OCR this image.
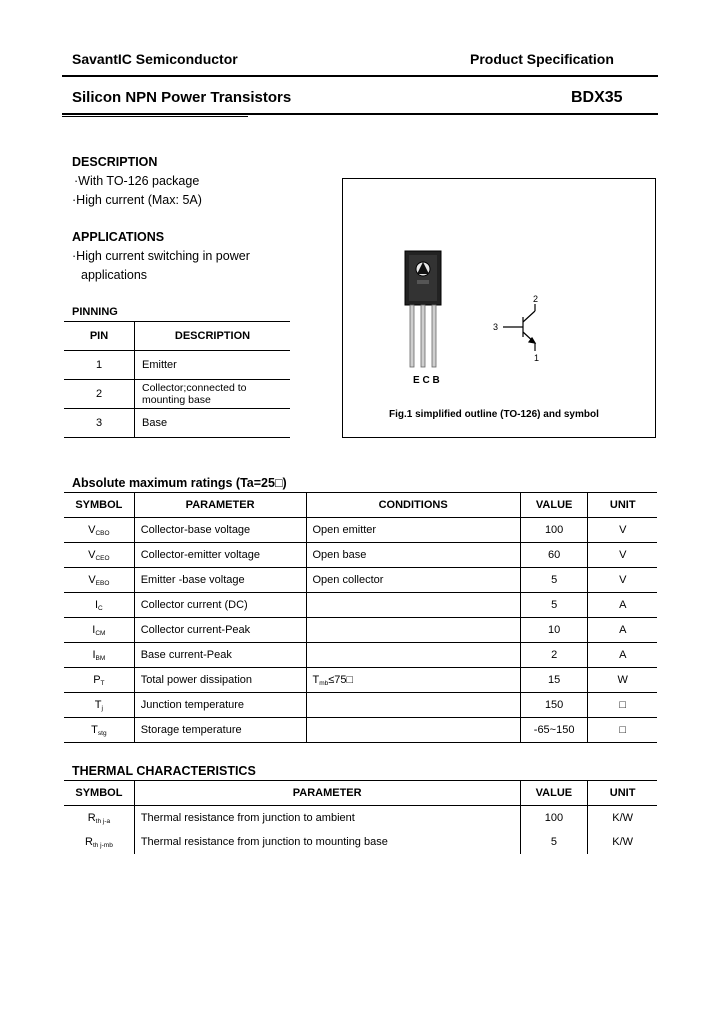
SavantIC Semiconductor	Product Specification
Silicon NPN Power Transistors	BDX35
DESCRIPTION
·With TO-126 package
·High current (Max: 5A)
APPLICATIONS
·High current switching in power
applications
PINNING
PIN	DESCRIPTION
1	Emitter
2	Collector;connected to
mounting base
3	Base
E C B
2
3
1
Fig.1 simplified outline (TO-126) and symbol
Absolute maximum ratings (Ta=25□)
SYMBOL	PARAMETER	CONDITIONS	VALUE	UNIT
$V_{CBO}$	Collector-base voltage	Open emitter	100	V
$V_{CEO}$	Collector-emitter voltage	Open base	60	V
$V_{EBO}$	Emitter -base voltage	Open collector	5	V
$I_C$	Collector current (DC)		5	A
$I_{CM}$	Collector current-Peak		10	A
$I_{BM}$	Base current-Peak		2	A
$P_T$	Total power dissipation	$T_{mb}\le 75□$	15	W
$T_j$	Junction temperature		150	□
$T_{stg}$	Storage temperature		-65~150	□
THERMAL CHARACTERISTICS
SYMBOL	PARAMETER	VALUE	UNIT
$R_{th j-a}$	Thermal resistance from junction to ambient	100	K/W
$R_{th j-mb}$	Thermal resistance from junction to mounting base	5	K/W
